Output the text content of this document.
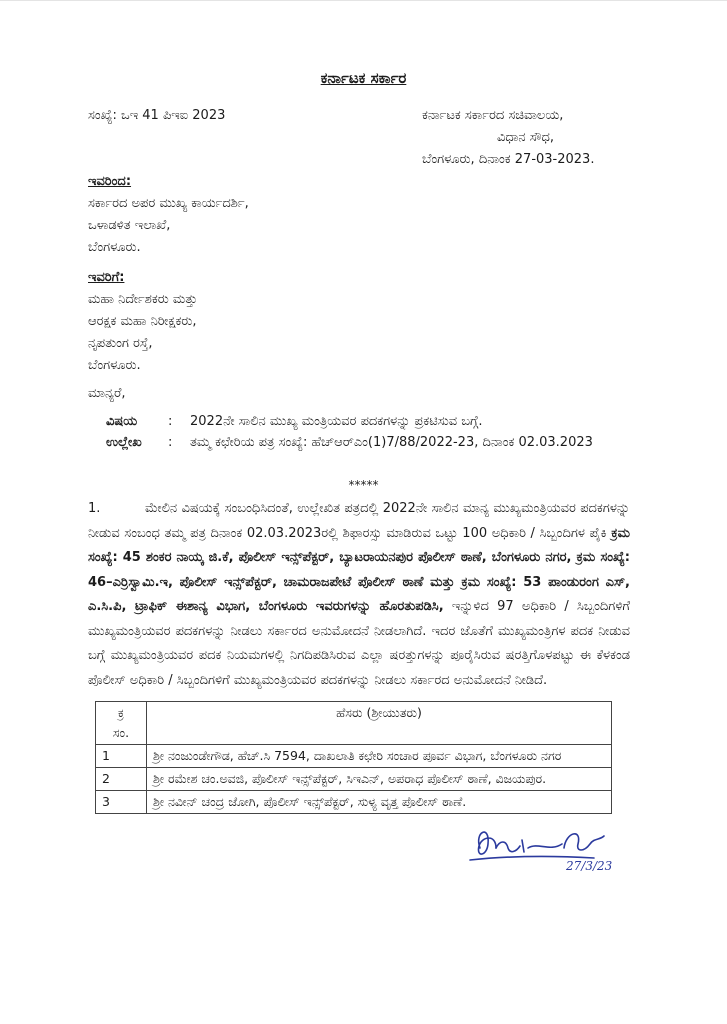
ಕರ್ನಾಟಕ ಸರ್ಕಾರ
ಸಂಖ್ಯೆ: ಒಇ 41 ಪಿಇಐ 2023	ಕರ್ನಾಟಕ ಸರ್ಕಾರದ ಸಚಿವಾಲಯ,
ವಿಧಾನ ಸೌಧ,
ಬೆಂಗಳೂರು, ದಿನಾಂಕ 27-03-2023.
ಇವರಿಂದ:
ಸರ್ಕಾರದ ಅಪರ ಮುಖ್ಯ ಕಾರ್ಯದರ್ಶಿ,
ಒಳಾಡಳಿತ ಇಲಾಖೆ,
ಬೆಂಗಳೂರು.
ಇವರಿಗೆ:
ಮಹಾ ನಿರ್ದೇಶಕರು ಮತ್ತು
ಆರಕ್ಷಕ ಮಹಾ ನಿರೀಕ್ಷಕರು,
ನೃಪತುಂಗ ರಸ್ತೆ,
ಬೆಂಗಳೂರು.
ಮಾನ್ಯರೆ,
ವಿಷಯ	:	2022ನೇ ಸಾಲಿನ ಮುಖ್ಯ ಮಂತ್ರಿಯವರ ಪದಕಗಳನ್ನು ಪ್ರಕಟಿಸುವ ಬಗ್ಗೆ.
ಉಲ್ಲೇಖ	:	ತಮ್ಮ ಕಛೇರಿಯ ಪತ್ರ ಸಂಖ್ಯೆ: ಹೆಚ್‌ಆರ್‌ಎಂ(1)7/88/2022-23, ದಿನಾಂಕ 02.03.2023
*****

1.	ಮೇಲಿನ ವಿಷಯಕ್ಕೆ ಸಂಬಂಧಿಸಿದಂತೆ, ಉಲ್ಲೇಖಿತ ಪತ್ರದಲ್ಲಿ 2022ನೇ ಸಾಲಿನ ಮಾನ್ಯ ಮುಖ್ಯಮಂತ್ರಿಯವರ ಪದಕಗಳನ್ನು ನೀಡುವ ಸಂಬಂಧ ತಮ್ಮ ಪತ್ರ ದಿನಾಂಕ 02.03.2023ರಲ್ಲಿ ಶಿಫಾರಸ್ಸು ಮಾಡಿರುವ ಒಟ್ಟು 100 ಅಧಿಕಾರಿ / ಸಿಬ್ಬಂದಿಗಳ ಪೈಕಿ ಕ್ರಮ ಸಂಖ್ಯೆ: 45 ಶಂಕರ ನಾಯ್ಕ ಜಿ.ಕೆ, ಪೊಲೀಸ್ ಇನ್ಸ್‌ಪೆಕ್ಟರ್, ಬ್ಯಾಟರಾಯನಪುರ ಪೊಲೀಸ್ ಠಾಣೆ, ಬೆಂಗಳೂರು ನಗರ, ಕ್ರಮ ಸಂಖ್ಯೆ: 46–ಎರ್ರಿಸ್ವಾಮಿ.ಇ, ಪೊಲೀಸ್ ಇನ್ಸ್‌ಪೆಕ್ಟರ್, ಚಾಮರಾಜಪೇಟೆ ಪೊಲೀಸ್ ಠಾಣೆ ಮತ್ತು ಕ್ರಮ ಸಂಖ್ಯೆ: 53 ಪಾಂಡುರಂಗ ಎಸ್, ಎ.ಸಿ.ಪಿ, ಟ್ರಾಫಿಕ್ ಈಶಾನ್ಯ ವಿಭಾಗ, ಬೆಂಗಳೂರು ಇವರುಗಳನ್ನು ಹೊರತುಪಡಿಸಿ, ಇನ್ನುಳಿದ 97 ಅಧಿಕಾರಿ / ಸಿಬ್ಬಂದಿಗಳಿಗೆ ಮುಖ್ಯಮಂತ್ರಿಯವರ ಪದಕಗಳನ್ನು ನೀಡಲು ಸರ್ಕಾರದ ಅನುಮೋದನೆ ನೀಡಲಾಗಿದೆ. ಇದರ ಜೊತೆಗೆ ಮುಖ್ಯಮಂತ್ರಿಗಳ ಪದಕ ನೀಡುವ ಬಗ್ಗೆ ಮುಖ್ಯಮಂತ್ರಿಯವರ ಪದಕ ನಿಯಮಗಳಲ್ಲಿ ನಿಗದಿಪಡಿಸಿರುವ ಎಲ್ಲಾ ಷರತ್ತುಗಳನ್ನು ಪೂರೈಸಿರುವ ಷರತ್ತಿಗೊಳಪಟ್ಟು ಈ ಕೆಳಕಂಡ ಪೊಲೀಸ್ ಅಧಿಕಾರಿ / ಸಿಬ್ಬಂದಿಗಳಿಗೆ ಮುಖ್ಯಮಂತ್ರಿಯವರ ಪದಕಗಳನ್ನು ನೀಡಲು ಸರ್ಕಾರದ ಅನುಮೋದನೆ ನೀಡಿದೆ.

ಕ್ರ
ಸಂ.	ಹೆಸರು (ಶ್ರೀಯುತರು)
1	ಶ್ರೀ ನಂಜುಂಡೇಗೌಡ, ಹೆಚ್.ಸಿ 7594, ದಾಖಲಾತಿ ಕಛೇರಿ ಸಂಚಾರ ಪೂರ್ವ ವಿಭಾಗ, ಬೆಂಗಳೂರು ನಗರ
2	ಶ್ರೀ ರಮೇಶ ಚಂ.ಅವಜಿ, ಪೊಲೀಸ್ ಇನ್ಸ್‌ಪೆಕ್ಟರ್, ಸಿಇಎನ್, ಅಪರಾಧ ಪೊಲೀಸ್ ಠಾಣೆ, ವಿಜಯಪುರ.
3	ಶ್ರೀ ನವೀನ್ ಚಂದ್ರ ಜೋಗಿ, ಪೊಲೀಸ್ ಇನ್ಸ್‌ಪೆಕ್ಟರ್, ಸುಳ್ಯ ವೃತ್ತ ಪೊಲೀಸ್ ಠಾಣೆ.
27/3/23
